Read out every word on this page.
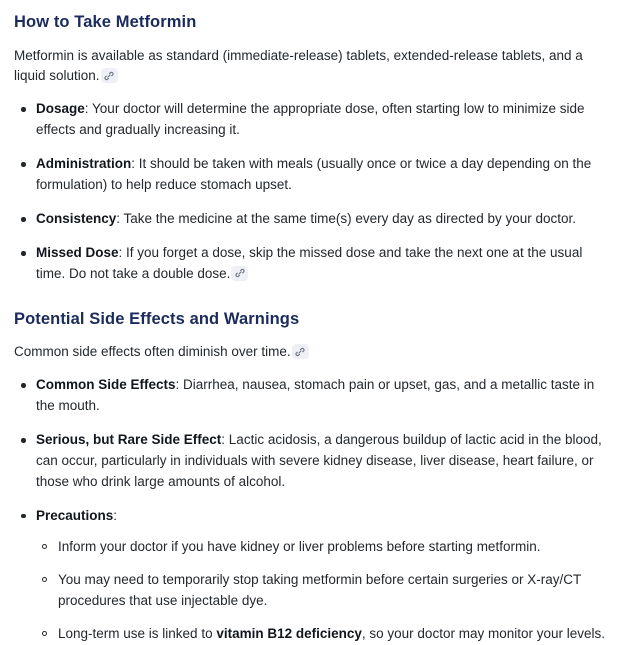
How to Take Metformin

Metformin is available as standard (immediate-release) tablets, extended-release tablets, and a liquid solution.

Dosage: Your doctor will determine the appropriate dose, often starting low to minimize side effects and gradually increasing it.
Administration: It should be taken with meals (usually once or twice a day depending on the formulation) to help reduce stomach upset.
Consistency: Take the medicine at the same time(s) every day as directed by your doctor.
Missed Dose: If you forget a dose, skip the missed dose and take the next one at the usual time. Do not take a double dose.
Potential Side Effects and Warnings

Common side effects often diminish over time.

Common Side Effects: Diarrhea, nausea, stomach pain or upset, gas, and a metallic taste in the mouth.
Serious, but Rare Side Effect: Lactic acidosis, a dangerous buildup of lactic acid in the blood, can occur, particularly in individuals with severe kidney disease, liver disease, heart failure, or those who drink large amounts of alcohol.
Precautions:
Inform your doctor if you have kidney or liver problems before starting metformin.
You may need to temporarily stop taking metformin before certain surgeries or X-ray/CT procedures that use injectable dye.
Long-term use is linked to vitamin B12 deficiency, so your doctor may monitor your levels.
